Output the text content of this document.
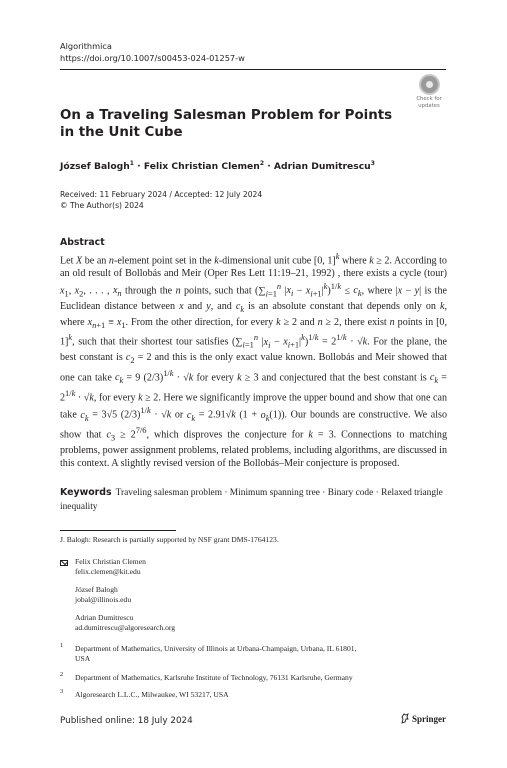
Algorithmica
https://doi.org/10.1007/s00453-024-01257-w
Check for
updates
On a Traveling Salesman Problem for Points in the Unit Cube
József Balogh$^1$ · Felix Christian Clemen$^2$ · Adrian Dumitrescu$^3$
Received: 11 February 2024 / Accepted: 12 July 2024
© The Author(s) 2024
Abstract

Let X be an n-element point set in the k-dimensional unit cube [0, 1]$^k$ where k ≥ 2. According to an old result of Bollobás and Meir (Oper Res Lett 11:19–21, 1992) , there exists a cycle (tour) $x_1$, $x_2$, . . . , $x_n$ through the n points, such that ($\sum_{i=1}^n$ $|x_i - x_{i+1}|^k)^{1/k} \le c_k$, where |x − y| is the Euclidean distance between x and y, and $c_k$ is an absolute constant that depends only on k, where $x_{n+1} \equiv x_1$. From the other direction, for every k ≥ 2 and n ≥ 2, there exist n points in [0, 1]$^k$, such that their shortest tour satisfies ($\sum_{i=1}^n$ $|x_i - x_{i+1}|^k)^{1/k} = 2^{1/k} \cdot √k$. For the plane, the best constant is $c_2 = 2$ and this is the only exact value known. Bollobás and Meir showed that one can take $c_k = 9$ $(2/3)^{1/k} \cdot √k$ for every k ≥ 3 and conjectured that the best constant is $c_k = 2^{1/k} \cdot √k$, for every k ≥ 2. Here we significantly improve the upper bound and show that one can take $c_k = 3√5$ $(2/3)^{1/k} \cdot √k$ or $c_k = 2.91√k$ $(1 + o_k(1))$. Our bounds are constructive. We also show that $c_3 \ge 2^{7/6}$, which disproves the conjecture for k = 3. Connections to matching problems, power assignment problems, related problems, including algorithms, are discussed in this context. A slightly revised version of the Bollobás–Meir conjecture is proposed.

Keywords Traveling salesman problem · Minimum spanning tree · Binary code · Relaxed triangle inequality
J. Balogh: Research is partially supported by NSF grant DMS-1764123.
Felix Christian Clemen
felix.clemen@kit.edu
József Balogh
jobal@illinois.edu
Adrian Dumitrescu
ad.dumitrescu@algoresearch.org
1 Department of Mathematics, University of Illinois at Urbana-Champaign, Urbana, IL 61801,
USA
2 Department of Mathematics, Karlsruhe Institute of Technology, 76131 Karlsruhe, Germany
3 Algoresearch L.L.C., Milwaukee, WI 53217, USA
Published online: 18 July 2024	Springer
